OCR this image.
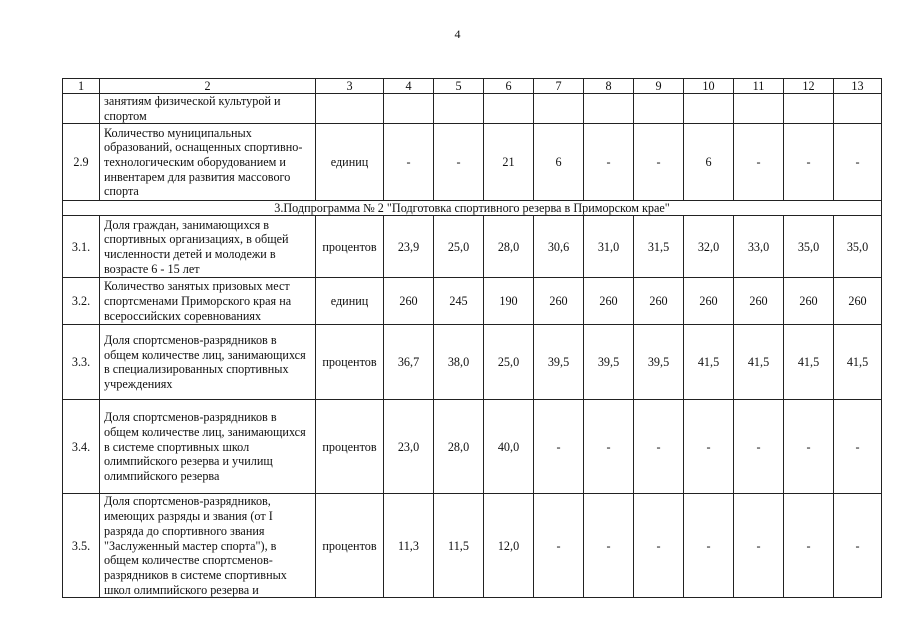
4
1	2	3	4	5	6	7	8	9	10	11	12	13
	занятиям физической культурой и спортом											
2.9	Количество муниципальных образований, оснащенных спортивно-технологическим оборудованием и инвентарем для развития массового спорта	единиц	-	-	21	6	-	-	6	-	-	-
3.Подпрограмма № 2 "Подготовка спортивного резерва в Приморском крае"												
3.1.	Доля граждан, занимающихся в спортивных организациях, в общей численности детей и молодежи в возрасте 6 - 15 лет	процентов	23,9	25,0	28,0	30,6	31,0	31,5	32,0	33,0	35,0	35,0
3.2.	Количество занятых призовых мест спортсменами Приморского края на всероссийских соревнованиях	единиц	260	245	190	260	260	260	260	260	260	260
3.3.	Доля спортсменов-разрядников в общем количестве лиц, занимающихся в специализированных спортивных учреждениях	процентов	36,7	38,0	25,0	39,5	39,5	39,5	41,5	41,5	41,5	41,5
3.4.	Доля спортсменов-разрядников в общем количестве лиц, занимающихся в системе спортивных школ олимпийского резерва и училищ олимпийского резерва	процентов	23,0	28,0	40,0	-	-	-	-	-	-	-
3.5.	Доля спортсменов-разрядников, имеющих разряды и звания (от I разряда до спортивного звания "Заслуженный мастер спорта"), в общем количестве спортсменов-разрядников в системе спортивных школ олимпийского резерва и	процентов	11,3	11,5	12,0	-	-	-	-	-	-	-
